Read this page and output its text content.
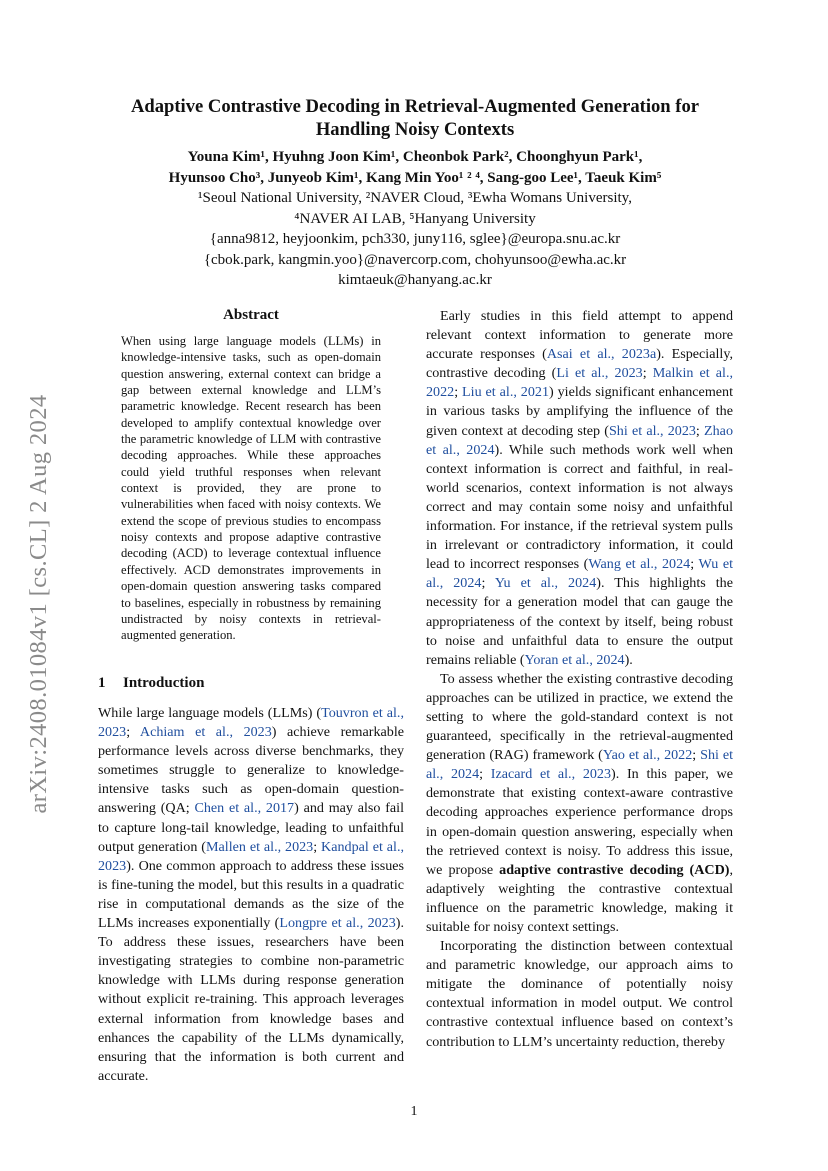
arXiv:2408.01084v1 [cs.CL] 2 Aug 2024
Adaptive Contrastive Decoding in Retrieval-Augmented Generation for
Handling Noisy Contexts
Youna Kim¹, Hyuhng Joon Kim¹, Cheonbok Park², Choonghyun Park¹,
Hyunsoo Cho³, Junyeob Kim¹, Kang Min Yoo¹ ² ⁴, Sang-goo Lee¹, Taeuk Kim⁵
¹Seoul National University, ²NAVER Cloud, ³Ewha Womans University,
⁴NAVER AI LAB, ⁵Hanyang University
{anna9812, heyjoonkim, pch330, juny116, sglee}@europa.snu.ac.kr
{cbok.park, kangmin.yoo}@navercorp.com, chohyunsoo@ewha.ac.kr
kimtaeuk@hanyang.ac.kr
Abstract

When using large language models (LLMs) in knowledge-intensive tasks, such as open-domain question answering, external context can bridge a gap between external knowledge and LLM’s parametric knowledge. Recent research has been developed to amplify contextual knowledge over the parametric knowledge of LLM with contrastive decoding approaches. While these approaches could yield truthful responses when relevant context is provided, they are prone to vulnerabilities when faced with noisy contexts. We extend the scope of previous studies to encompass noisy contexts and propose adaptive contrastive decoding (ACD) to leverage contextual influence effectively. ACD demonstrates improvements in open-domain question answering tasks compared to baselines, especially in robustness by remaining undistracted by noisy contexts in retrieval-augmented generation.

1 Introduction

While large language models (LLMs) (Touvron et al., 2023; Achiam et al., 2023) achieve remarkable performance levels across diverse benchmarks, they sometimes struggle to generalize to knowledge-intensive tasks such as open-domain question-answering (QA; Chen et al., 2017) and may also fail to capture long-tail knowledge, leading to unfaithful output generation (Mallen et al., 2023; Kandpal et al., 2023). One common approach to address these issues is fine-tuning the model, but this results in a quadratic rise in computational demands as the size of the LLMs increases exponentially (Longpre et al., 2023). To address these issues, researchers have been investigating strategies to combine non-parametric knowledge with LLMs during response generation without explicit re-training. This approach leverages external information from knowledge bases and enhances the capability of the LLMs dynamically, ensuring that the information is both current and accurate.

Early studies in this field attempt to append relevant context information to generate more accurate responses (Asai et al., 2023a). Especially, contrastive decoding (Li et al., 2023; Malkin et al., 2022; Liu et al., 2021) yields significant enhancement in various tasks by amplifying the influence of the given context at decoding step (Shi et al., 2023; Zhao et al., 2024). While such methods work well when context information is correct and faithful, in real-world scenarios, context information is not always correct and may contain some noisy and unfaithful information. For instance, if the retrieval system pulls in irrelevant or contradictory information, it could lead to incorrect responses (Wang et al., 2024; Wu et al., 2024; Yu et al., 2024). This highlights the necessity for a generation model that can gauge the appropriateness of the context by itself, being robust to noise and unfaithful data to ensure the output remains reliable (Yoran et al., 2024).

To assess whether the existing contrastive decoding approaches can be utilized in practice, we extend the setting to where the gold-standard context is not guaranteed, specifically in the retrieval-augmented generation (RAG) framework (Yao et al., 2022; Shi et al., 2024; Izacard et al., 2023). In this paper, we demonstrate that existing context-aware contrastive decoding approaches experience performance drops in open-domain question answering, especially when the retrieved context is noisy. To address this issue, we propose adaptive contrastive decoding (ACD), adaptively weighting the contrastive contextual influence on the parametric knowledge, making it suitable for noisy context settings.

Incorporating the distinction between contextual and parametric knowledge, our approach aims to mitigate the dominance of potentially noisy contextual information in model output. We control contrastive contextual influence based on context’s contribution to LLM’s uncertainty reduction, thereby

1
